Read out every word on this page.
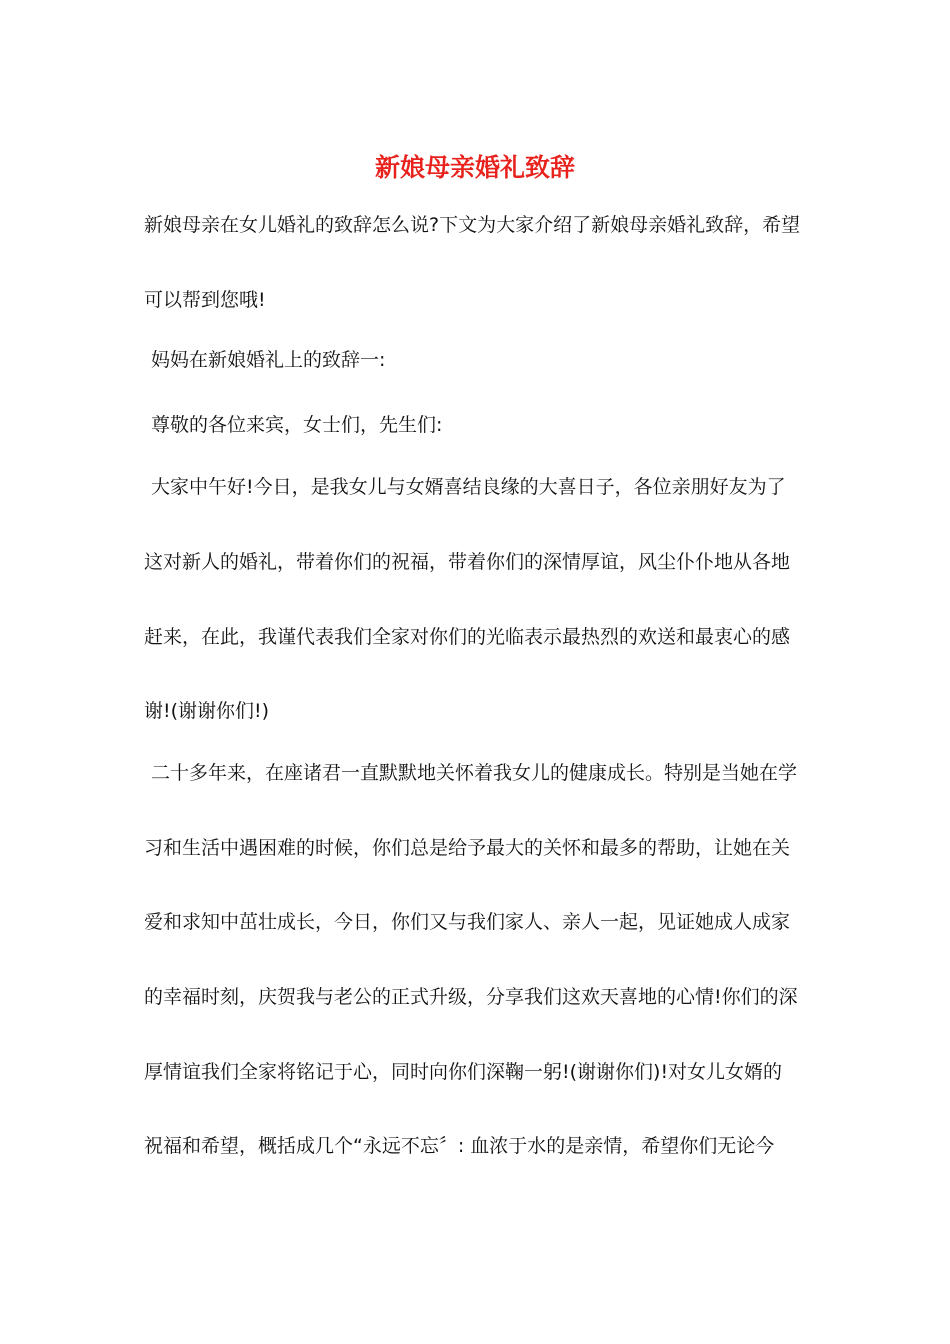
新娘母亲婚礼致辞
新娘母亲在女儿婚礼的致辞怎么说?下文为大家介绍了新娘母亲婚礼致辞，希望
可以帮到您哦!
妈妈在新娘婚礼上的致辞一:
尊敬的各位来宾，女士们，先生们:
大家中午好!今日，是我女儿与女婿喜结良缘的大喜日子，各位亲朋好友为了
这对新人的婚礼，带着你们的祝福，带着你们的深情厚谊，风尘仆仆地从各地
赶来，在此，我谨代表我们全家对你们的光临表示最热烈的欢送和最衷心的感
谢!(谢谢你们!)
二十多年来，在座诸君一直默默地关怀着我女儿的健康成长。特别是当她在学
习和生活中遇困难的时候，你们总是给予最大的关怀和最多的帮助，让她在关
爱和求知中茁壮成长，今日，你们又与我们家人、亲人一起，见证她成人成家
的幸福时刻，庆贺我与老公的正式升级，分享我们这欢天喜地的心情!你们的深
厚情谊我们全家将铭记于心，同时向你们深鞠一躬!(谢谢你们)!对女儿女婿的
祝福和希望，概括成几个“永远不忘〞: 血浓于水的是亲情，希望你们无论今
